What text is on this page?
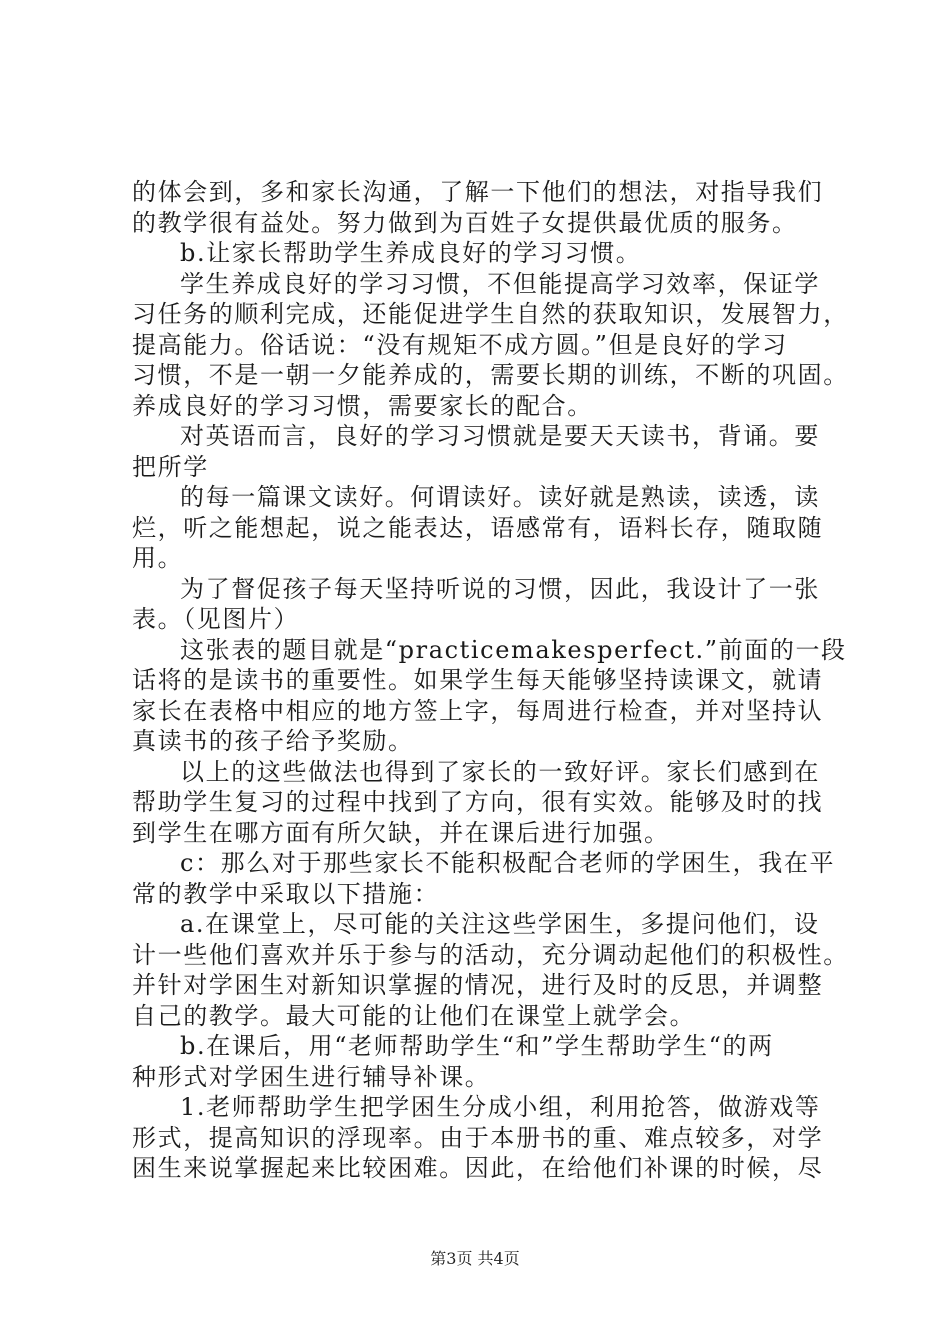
的体会到，多和家长沟通，了解一下他们的想法，对指导我们
的教学很有益处。努力做到为百姓子女提供最优质的服务。
b.让家长帮助学生养成良好的学习习惯。
学生养成良好的学习习惯，不但能提高学习效率，保证学
习任务的顺利完成，还能促进学生自然的获取知识，发展智力，
提高能力。俗话说：“没有规矩不成方圆。”但是良好的学习
习惯，不是一朝一夕能养成的，需要长期的训练，不断的巩固。
养成良好的学习习惯，需要家长的配合。
对英语而言，良好的学习习惯就是要天天读书，背诵。要
把所学
的每一篇课文读好。何谓读好。读好就是熟读，读透，读
烂，听之能想起，说之能表达，语感常有，语料长存，随取随
用。
为了督促孩子每天坚持听说的习惯，因此，我设计了一张
表。（见图片）
这张表的题目就是“practicemakesperfect.”前面的一段
话将的是读书的重要性。如果学生每天能够坚持读课文，就请
家长在表格中相应的地方签上字，每周进行检查，并对坚持认
真读书的孩子给予奖励。
以上的这些做法也得到了家长的一致好评。家长们感到在
帮助学生复习的过程中找到了方向，很有实效。能够及时的找
到学生在哪方面有所欠缺，并在课后进行加强。
c：那么对于那些家长不能积极配合老师的学困生，我在平
常的教学中采取以下措施：
a.在课堂上，尽可能的关注这些学困生，多提问他们，设
计一些他们喜欢并乐于参与的活动，充分调动起他们的积极性。
并针对学困生对新知识掌握的情况，进行及时的反思，并调整
自己的教学。最大可能的让他们在课堂上就学会。
b.在课后，用“老师帮助学生“和”学生帮助学生“的两
种形式对学困生进行辅导补课。
1.老师帮助学生把学困生分成小组，利用抢答，做游戏等
形式，提高知识的浮现率。由于本册书的重、难点较多，对学
困生来说掌握起来比较困难。因此，在给他们补课的时候，尽
第3页 共4页
